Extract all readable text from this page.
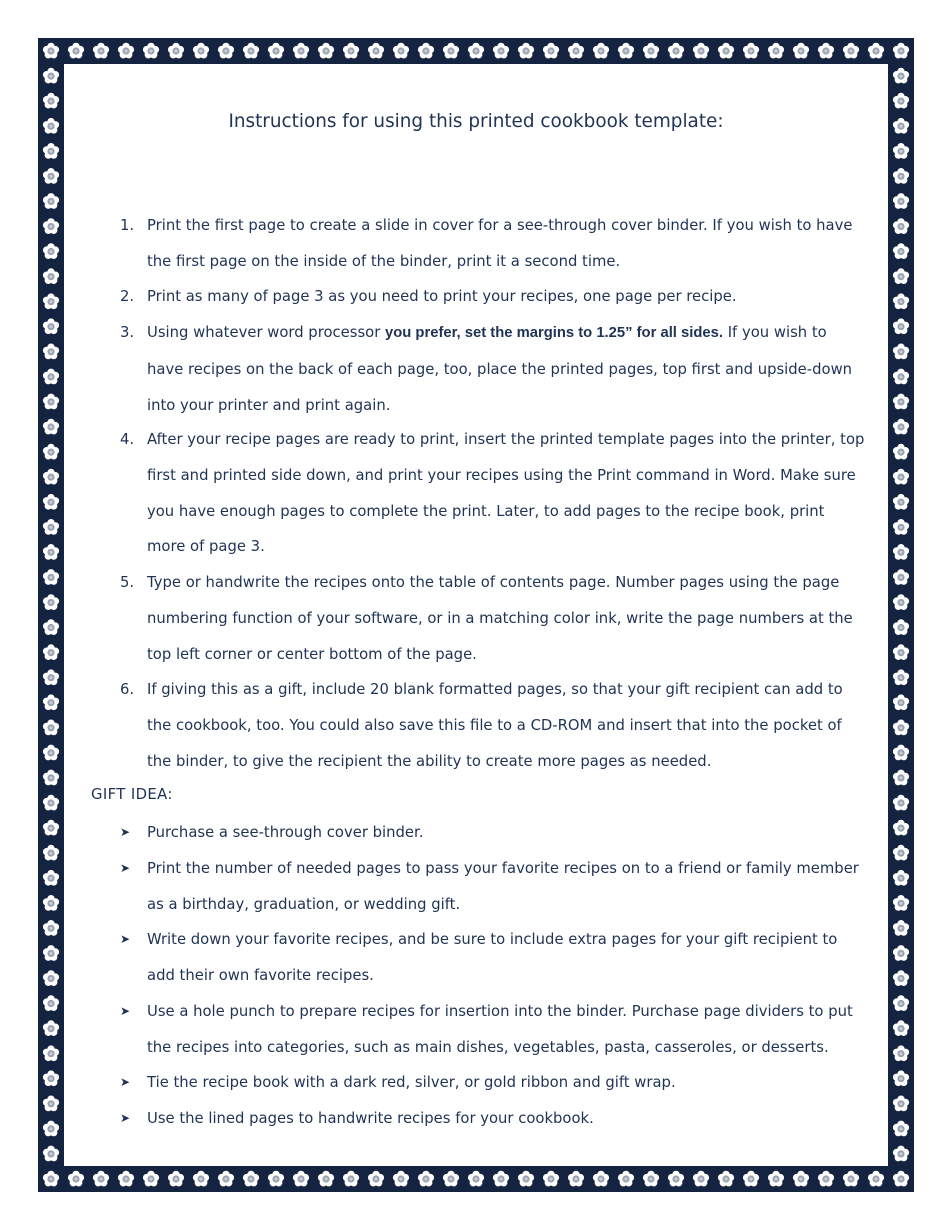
Instructions for using this printed cookbook template:
1. Print the first page to create a slide in cover for a see-through cover binder. If you wish to have
the first page on the inside of the binder, print it a second time.

2. Print as many of page 3 as you need to print your recipes, one page per recipe.

3. Using whatever word processor you prefer, set the margins to 1.25” for all sides. If you wish to
have recipes on the back of each page, too, place the printed pages, top first and upside-down
into your printer and print again.

4. After your recipe pages are ready to print, insert the printed template pages into the printer, top
first and printed side down, and print your recipes using the Print command in Word. Make sure
you have enough pages to complete the print. Later, to add pages to the recipe book, print
more of page 3.

5. Type or handwrite the recipes onto the table of contents page. Number pages using the page
numbering function of your software, or in a matching color ink, write the page numbers at the
top left corner or center bottom of the page.

6. If giving this as a gift, include 20 blank formatted pages, so that your gift recipient can add to
the cookbook, too. You could also save this file to a CD-ROM and insert that into the pocket of
the binder, to give the recipient the ability to create more pages as needed.

GIFT IDEA:
➤ Purchase a see-through cover binder.

➤ Print the number of needed pages to pass your favorite recipes on to a friend or family member
as a birthday, graduation, or wedding gift.

➤ Write down your favorite recipes, and be sure to include extra pages for your gift recipient to
add their own favorite recipes.

➤ Use a hole punch to prepare recipes for insertion into the binder. Purchase page dividers to put
the recipes into categories, such as main dishes, vegetables, pasta, casseroles, or desserts.

➤ Tie the recipe book with a dark red, silver, or gold ribbon and gift wrap.

➤ Use the lined pages to handwrite recipes for your cookbook.
